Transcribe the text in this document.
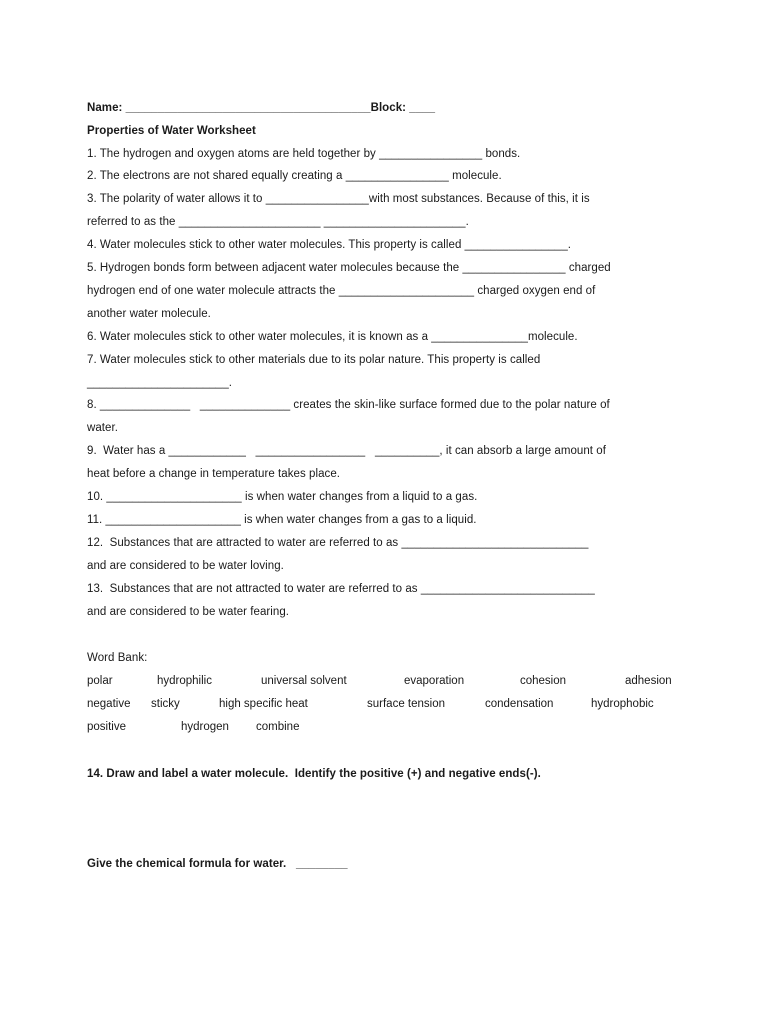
Name: ______________________________________Block: ____
Properties of Water Worksheet
1. The hydrogen and oxygen atoms are held together by ________________ bonds.
2. The electrons are not shared equally creating a ________________ molecule.
3. The polarity of water allows it to ________________with most substances. Because of this, it is
referred to as the ______________________ ______________________.
4. Water molecules stick to other water molecules. This property is called ________________.
5. Hydrogen bonds form between adjacent water molecules because the ________________ charged
hydrogen end of one water molecule attracts the _____________________ charged oxygen end of
another water molecule.
6. Water molecules stick to other water molecules, it is known as a _______________molecule.
7. Water molecules stick to other materials due to its polar nature. This property is called
______________________.
8. ______________   ______________ creates the skin-like surface formed due to the polar nature of
water.
9.  Water has a ____________   _________________   __________, it can absorb a large amount of
heat before a change in temperature takes place.
10. _____________________ is when water changes from a liquid to a gas.
11. _____________________ is when water changes from a gas to a liquid.
12.  Substances that are attracted to water are referred to as _____________________________
and are considered to be water loving.
13.  Substances that are not attracted to water are referred to as ___________________________
and are considered to be water fearing.
Word Bank:
polar	hydrophilic	universal solvent	evaporation	cohesion	adhesion
negative sticky	high specific heat	surface tension	condensation	hydrophobic
positive	hydrogen combine
14. Draw and label a water molecule.  Identify the positive (+) and negative ends(-).
Give the chemical formula for water.   ________
